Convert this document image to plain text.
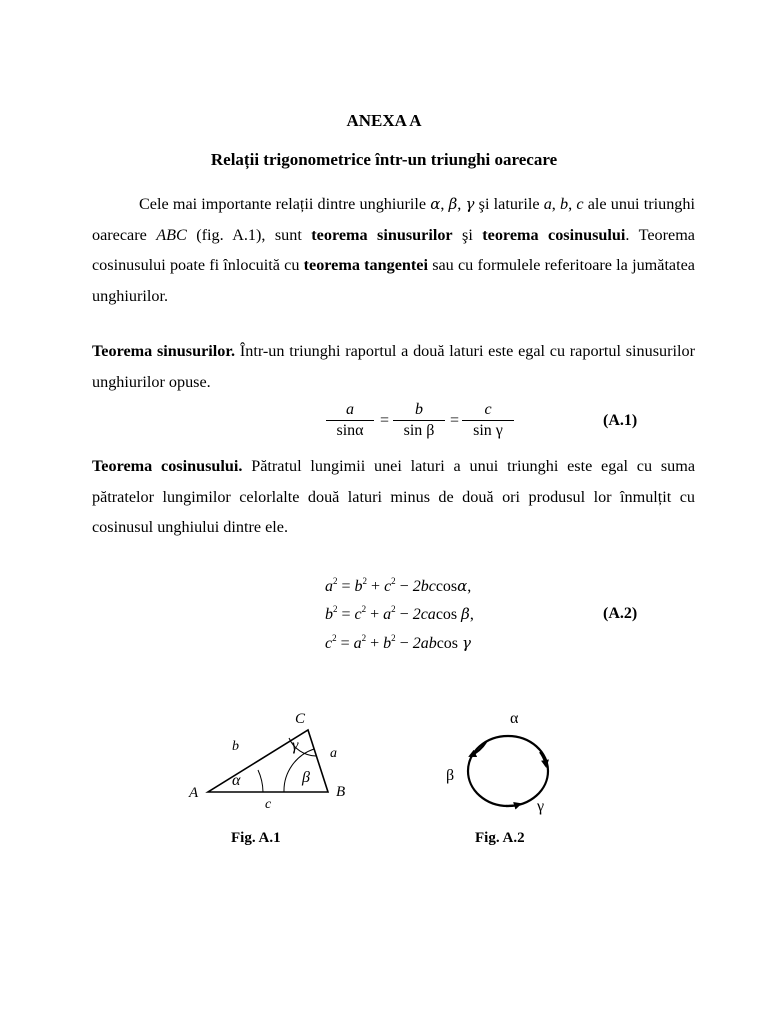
ANEXA A
Relații trigonometrice într-un triunghi oarecare
Cele mai importante relații dintre unghiurile α, β, γ şi laturile a, b, c ale unui triunghi oarecare ABC (fig. A.1), sunt teorema sinusurilor şi teorema cosinusului. Teorema cosinusului poate fi înlocuită cu teorema tangentei sau cu formulele referitoare la jumătatea unghiurilor.
Teorema sinusurilor. Într-un triunghi raportul a două laturi este egal cu raportul sinusurilor unghiurilor opuse.
$\frac{a}{\sin\alpha} = \frac{b}{\text{sin β}} = \frac{c}{\text{sin γ}}$	(A.1)
Teorema cosinusului. Pătratul lungimii unei laturi a unui triunghi este egal cu suma pătratelor lungimilor celorlalte două laturi minus de două ori produsul lor înmulțit cu cosinusul unghiului dintre ele.
$a^2 = b^2 + c^2 - 2bccos\alpha$,
$b^2 = c^2 + a^2 - 2cacos$ β,
$c^2 = a^2 + b^2 - 2abcos$ γ
(A.2)
A	B
C
b	a
c
α	β
γ
Fig. A.1
α
β
γ
Fig. A.2
